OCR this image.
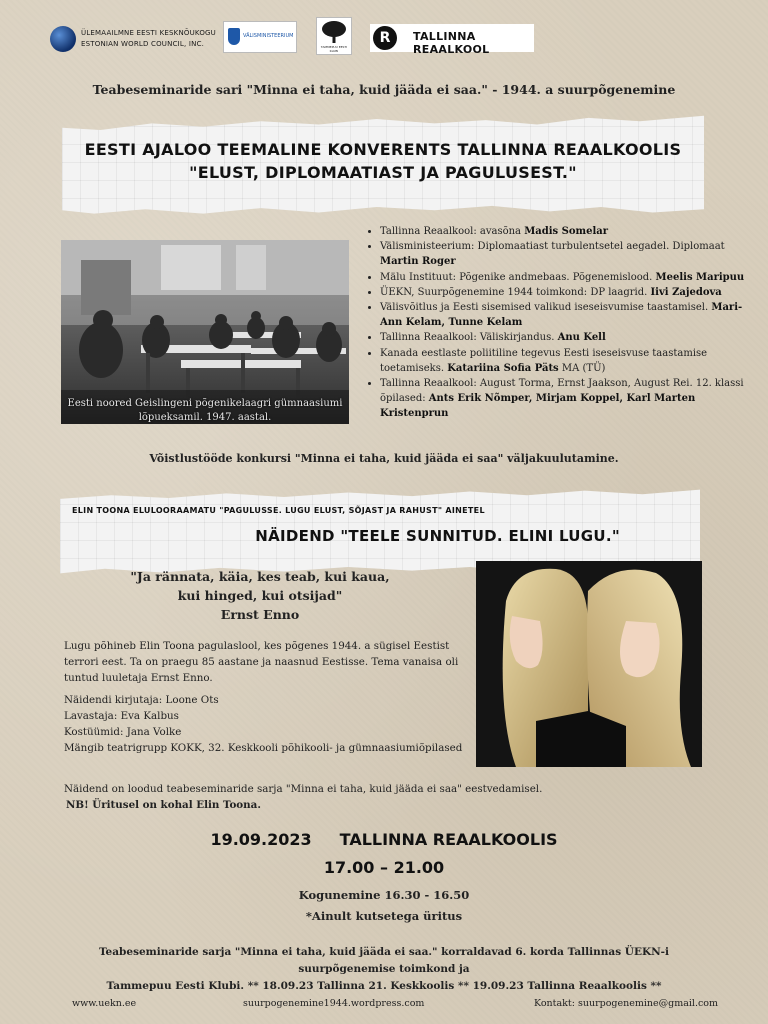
ÜLEMAAILMNE EESTI KESKNÕUKOGU
ESTONIAN WORLD COUNCIL, INC.
VÄLISMINISTEERIUM
TAMMEPUU EESTI KLUBI
R	TALLINNA REAALKOOL
Teabeseminaride sari "Minna ei taha, kuid jääda ei saa." - 1944. a suurpõgenemine
EESTI AJALOO TEEMALINE KONVERENTS TALLINNA REAALKOOLIS
"ELUST, DIPLOMAATIAST JA PAGULUSEST."
Eesti noored Geislingeni põgenikelaagri gümnaasiumi lõpueksamil. 1947. aastal.
• Tallinna Reaalkool: avasõna Madis Somelar
• Välisministeerium: Diplomaatiast turbulentsetel aegadel. Diplomaat Martin Roger
• Mälu Instituut: Põgenike andmebaas. Põgenemislood. Meelis Maripuu
• ÜEKN, Suurpõgenemine 1944 toimkond: DP laagrid. Iivi Zajedova
• Välisvõitlus ja Eesti sisemised valikud iseseisvumise taastamisel. Mari-Ann Kelam, Tunne Kelam
• Tallinna Reaalkool: Väliskirjandus. Anu Kell
• Kanada eestlaste poliitiline tegevus Eesti iseseisvuse taastamise toetamiseks. Katariina Sofia Päts MA (TÜ)
• Tallinna Reaalkool: August Torma, Ernst Jaakson, August Rei. 12. klassi õpilased: Ants Erik Nõmper, Mirjam Koppel, Karl Marten Kristenprun
Võistlustööde konkursi "Minna ei taha, kuid jääda ei saa" väljakuulutamine.
ELIN TOONA ELULOORAAMATU "PAGULUSSE. LUGU ELUST, SÕJAST JA RAHUST" AINETEL
NÄIDEND "TEELE SUNNITUD. ELINI LUGU."
"Ja rännata, käia, kes teab, kui kaua,
kui hinged, kui otsijad"
Ernst Enno
Lugu põhineb Elin Toona pagulaslool, kes põgenes 1944. a sügisel Eestist terrori eest. Ta on praegu 85 aastane ja naasnud Eestisse. Tema vanaisa oli tuntud luuletaja Ernst Enno.
Näidendi kirjutaja: Loone Ots
Lavastaja: Eva Kalbus
Kostüümid: Jana Volke
Mängib teatrigrupp KOKK, 32. Keskkooli põhikooli- ja gümnaasiumiõpilased
Näidend on loodud teabeseminaride sarja "Minna ei taha, kuid jääda ei saa" eestvedamisel.
NB! Üritusel on kohal Elin Toona.
19.09.2023 TALLINNA REAALKOOLIS
17.00 – 21.00
Kogunemine 16.30 - 16.50
*Ainult kutsetega üritus
Teabeseminaride sarja "Minna ei taha, kuid jääda ei saa." korraldavad 6. korda Tallinnas ÜEKN-i suurpõgenemise toimkond ja
Tammepuu Eesti Klubi. ** 18.09.23 Tallinna 21. Keskkoolis ** 19.09.23 Tallinna Reaalkoolis **
www.uekn.ee	suurpogenemine1944.wordpress.com	Kontakt: suurpogenemine@gmail.com
